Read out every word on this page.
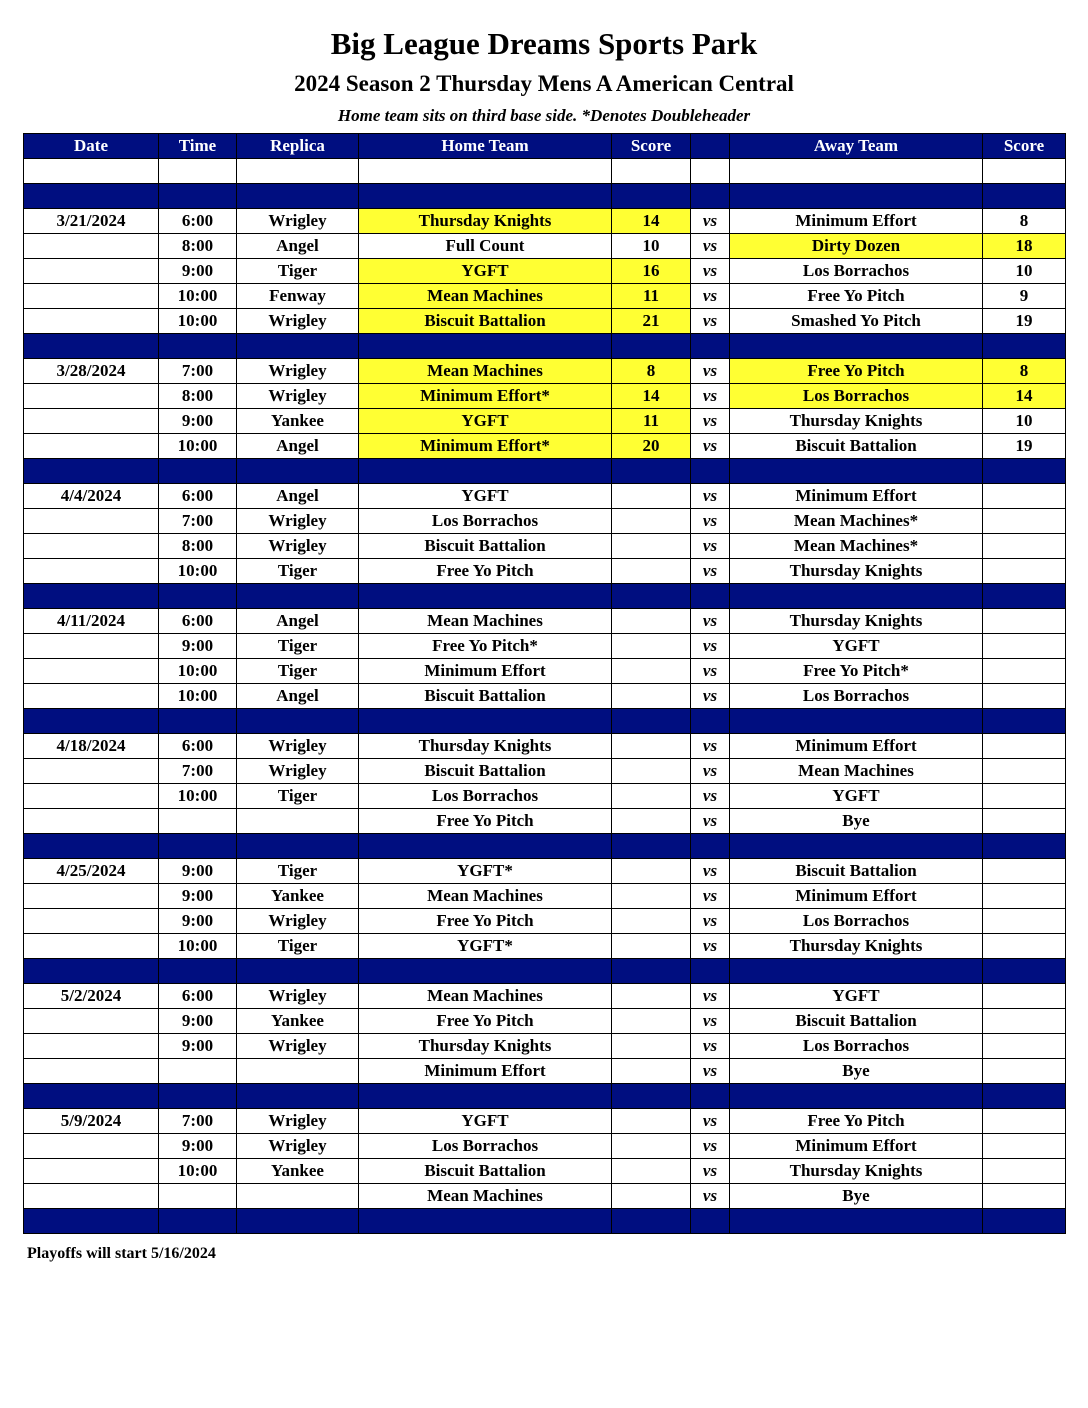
Big League Dreams Sports Park
2024 Season 2 Thursday Mens A American Central
Home team sits on third base side. *Denotes Doubleheader
Date	Time	Replica	Home Team	Score		Away Team	Score

3/21/2024	6:00	Wrigley	Thursday Knights	14	vs	Minimum Effort	8
	8:00	Angel	Full Count	10	vs	Dirty Dozen	18
	9:00	Tiger	YGFT	16	vs	Los Borrachos	10
	10:00	Fenway	Mean Machines	11	vs	Free Yo Pitch	9
	10:00	Wrigley	Biscuit Battalion	21	vs	Smashed Yo Pitch	19

3/28/2024	7:00	Wrigley	Mean Machines	8	vs	Free Yo Pitch	8
	8:00	Wrigley	Minimum Effort*	14	vs	Los Borrachos	14
	9:00	Yankee	YGFT	11	vs	Thursday Knights	10
	10:00	Angel	Minimum Effort*	20	vs	Biscuit Battalion	19

4/4/2024	6:00	Angel	YGFT		vs	Minimum Effort	
	7:00	Wrigley	Los Borrachos		vs	Mean Machines*	
	8:00	Wrigley	Biscuit Battalion		vs	Mean Machines*	
	10:00	Tiger	Free Yo Pitch		vs	Thursday Knights	

4/11/2024	6:00	Angel	Mean Machines		vs	Thursday Knights	
	9:00	Tiger	Free Yo Pitch*		vs	YGFT	
	10:00	Tiger	Minimum Effort		vs	Free Yo Pitch*	
	10:00	Angel	Biscuit Battalion		vs	Los Borrachos	

4/18/2024	6:00	Wrigley	Thursday Knights		vs	Minimum Effort	
	7:00	Wrigley	Biscuit Battalion		vs	Mean Machines	
	10:00	Tiger	Los Borrachos		vs	YGFT	
			Free Yo Pitch		vs	Bye	

4/25/2024	9:00	Tiger	YGFT*		vs	Biscuit Battalion	
	9:00	Yankee	Mean Machines		vs	Minimum Effort	
	9:00	Wrigley	Free Yo Pitch		vs	Los Borrachos	
	10:00	Tiger	YGFT*		vs	Thursday Knights	

5/2/2024	6:00	Wrigley	Mean Machines		vs	YGFT	
	9:00	Yankee	Free Yo Pitch		vs	Biscuit Battalion	
	9:00	Wrigley	Thursday Knights		vs	Los Borrachos	
			Minimum Effort		vs	Bye	

5/9/2024	7:00	Wrigley	YGFT		vs	Free Yo Pitch	
	9:00	Wrigley	Los Borrachos		vs	Minimum Effort	
	10:00	Yankee	Biscuit Battalion		vs	Thursday Knights	
			Mean Machines		vs	Bye	

Playoffs will start 5/16/2024
